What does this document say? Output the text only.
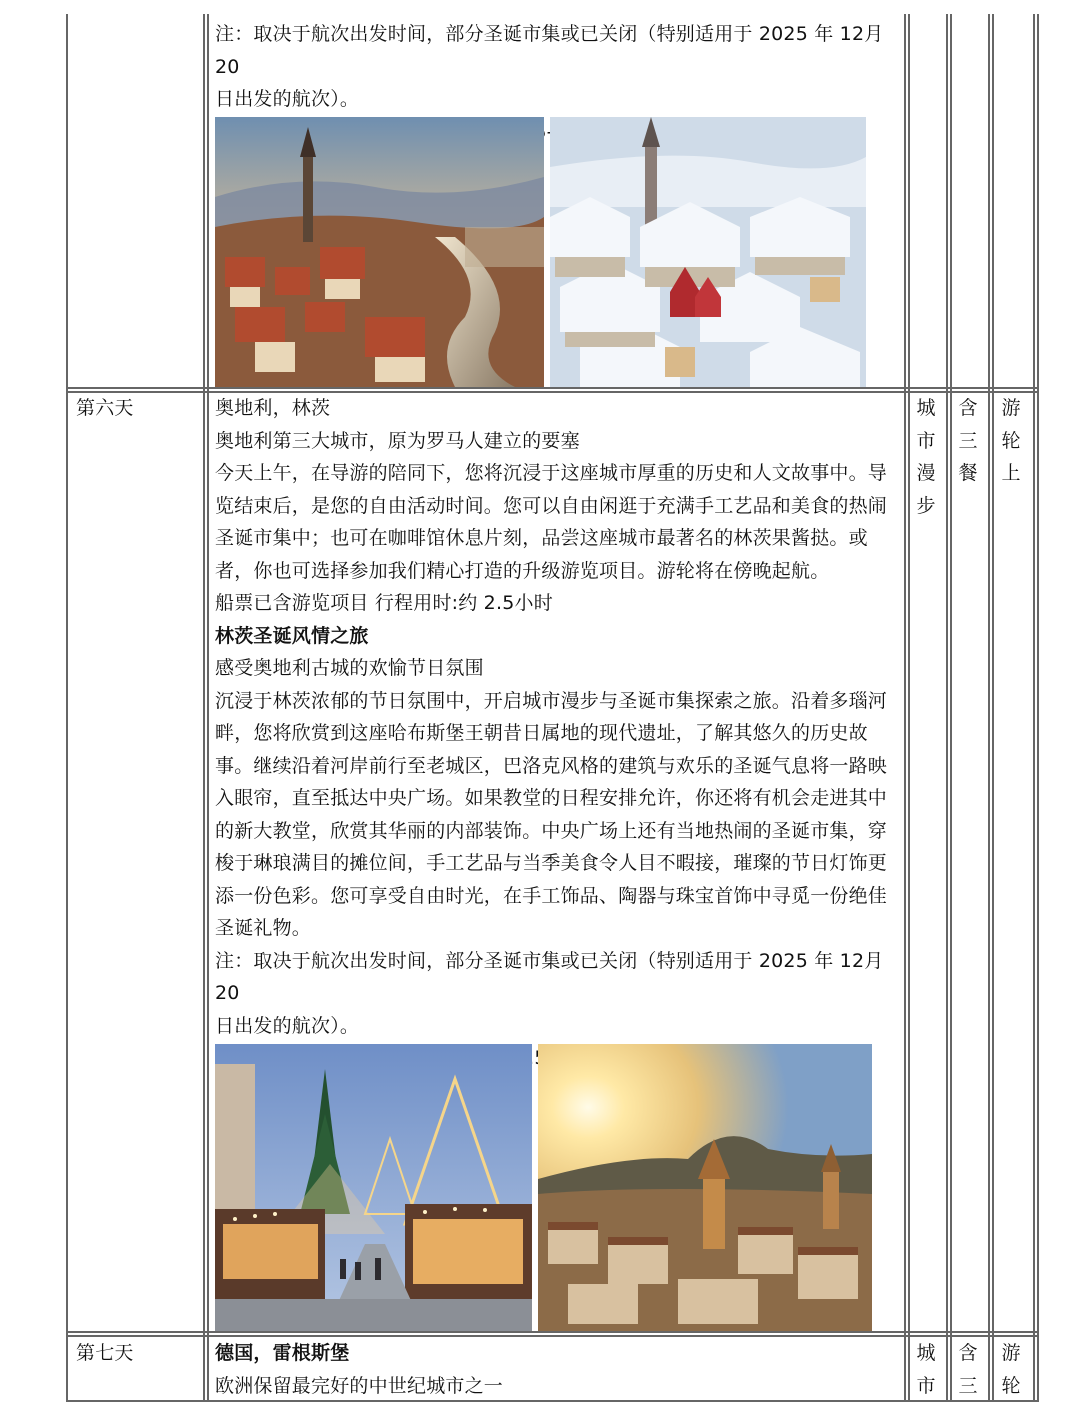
注：取决于航次出发时间，部分圣诞市集或已关闭（特别适用于 2025 年 12月20

日出发的航次）。

第六天	奥地利，林茨

奥地利第三大城市，原为罗马人建立的要塞

今天上午，在导游的陪同下，您将沉浸于这座城市厚重的历史和人文故事中。导

览结束后，是您的自由活动时间。您可以自由闲逛于充满手工艺品和美食的热闹

圣诞市集中；也可在咖啡馆休息片刻，品尝这座城市最著名的林茨果酱挞。或

者，你也可选择参加我们精心打造的升级游览项目。游轮将在傍晚起航。

船票已含游览项目 行程用时:约 2.5小时

林茨圣诞风情之旅

感受奥地利古城的欢愉节日氛围

沉浸于林茨浓郁的节日氛围中，开启城市漫步与圣诞市集探索之旅。沿着多瑙河

畔，您将欣赏到这座哈布斯堡王朝昔日属地的现代遗址，了解其悠久的历史故

事。继续沿着河岸前行至老城区，巴洛克风格的建筑与欢乐的圣诞气息将一路映

入眼帘，直至抵达中央广场。如果教堂的日程安排允许，你还将有机会走进其中

的新大教堂，欣赏其华丽的内部装饰。中央广场上还有当地热闹的圣诞市集，穿

梭于琳琅满目的摊位间，手工艺品与当季美食令人目不暇接，璀璨的节日灯饰更

添一份色彩。您可享受自由时光，在手工饰品、陶器与珠宝首饰中寻觅一份绝佳

圣诞礼物。

注：取决于航次出发时间，部分圣诞市集或已关闭（特别适用于 2025 年 12月20

日出发的航次）。

城
市
漫
步
含
三
餐
游
轮
上
第七天	德国，雷根斯堡

欧洲保留最完好的中世纪城市之一

城
市
含
三
游
轮
